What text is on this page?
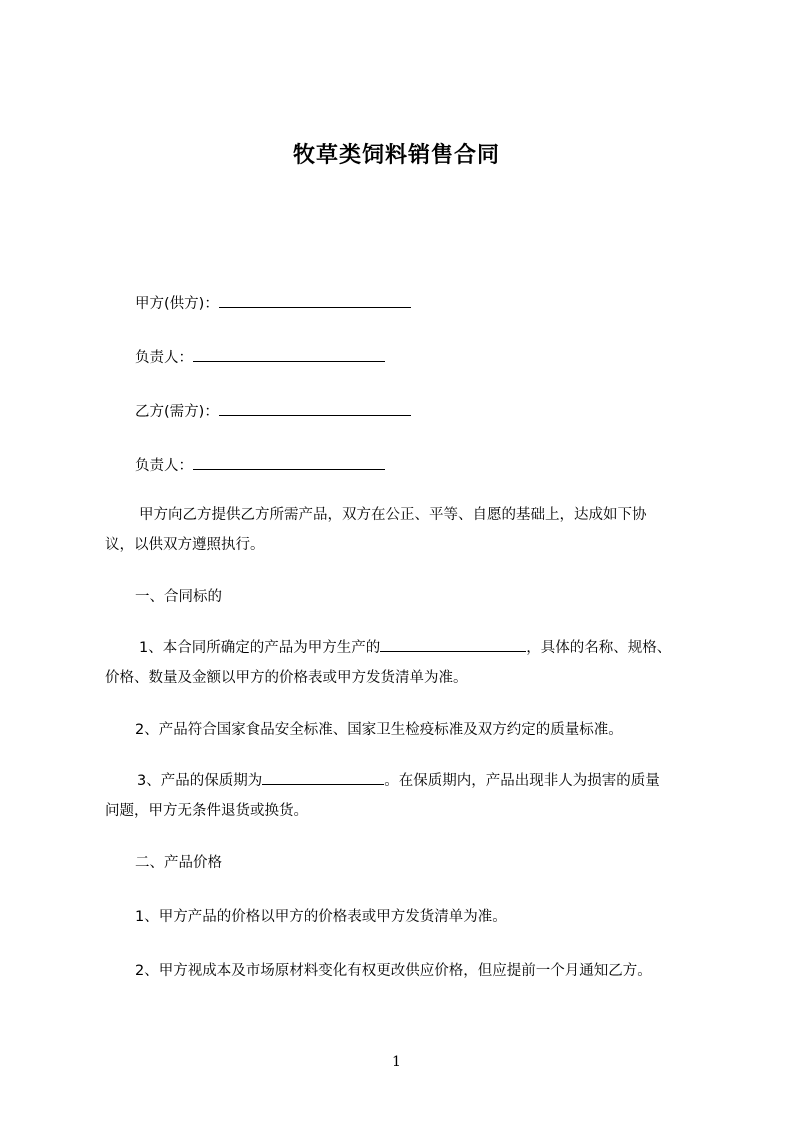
牧草类饲料销售合同
甲方(供方)：
负责人：
乙方(需方)：
负责人：
甲方向乙方提供乙方所需产品，双方在公正、平等、自愿的基础上，达成如下协
议，以供双方遵照执行。
一、合同标的
1、本合同所确定的产品为甲方生产的	，具体的名称、规格、
价格、数量及金额以甲方的价格表或甲方发货清单为准。
2、产品符合国家食品安全标准、国家卫生检疫标准及双方约定的质量标准。
3、产品的保质期为	。在保质期内，产品出现非人为损害的质量
问题，甲方无条件退货或换货。
二、产品价格
1、甲方产品的价格以甲方的价格表或甲方发货清单为准。
2、甲方视成本及市场原材料变化有权更改供应价格，但应提前一个月通知乙方。
1
